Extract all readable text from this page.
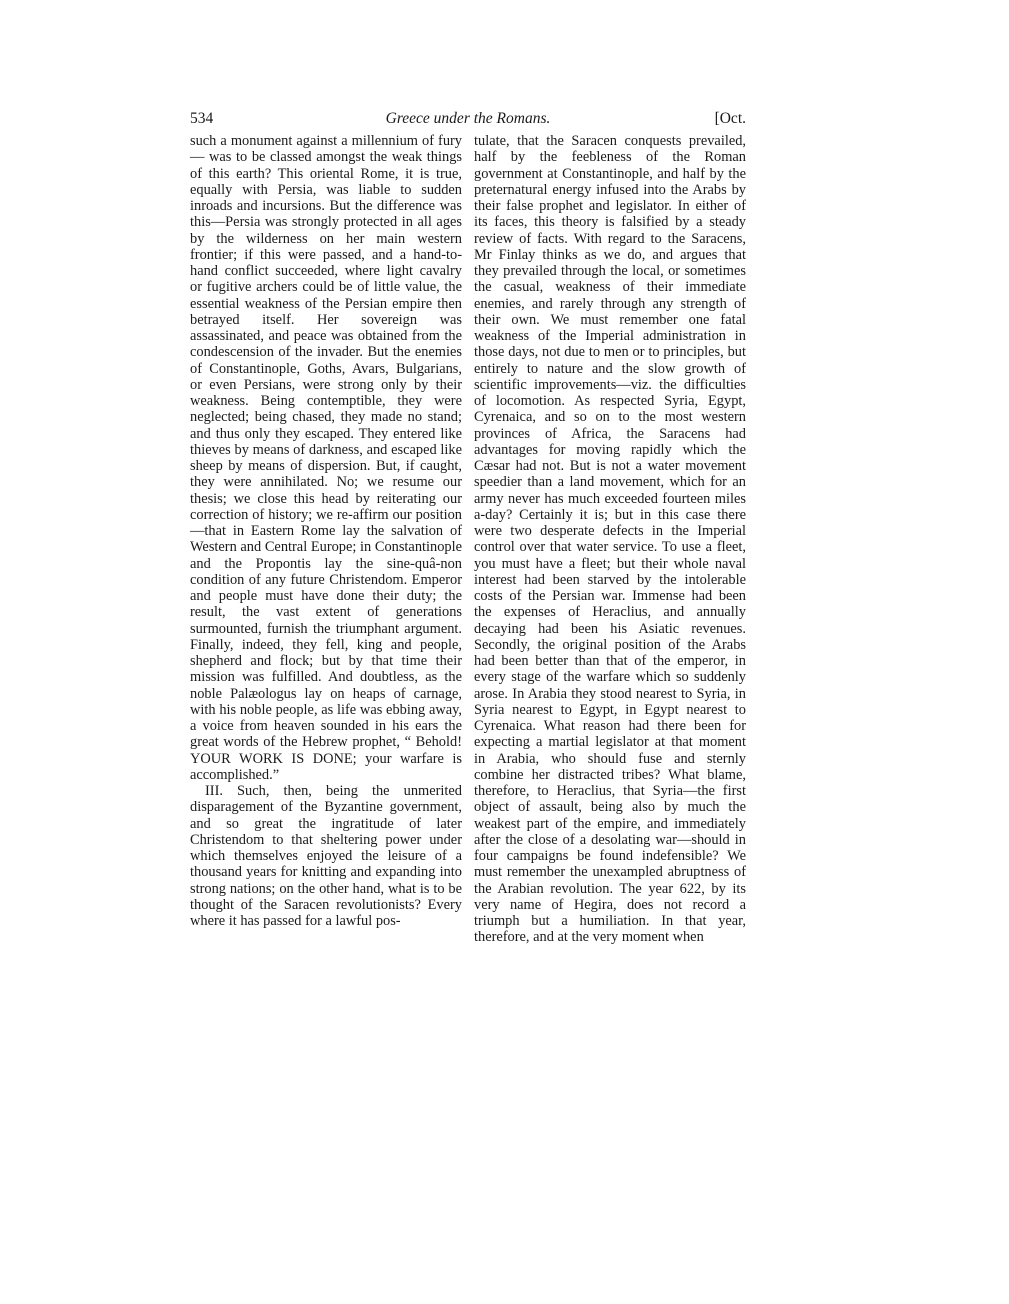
534	Greece under the Romans.	[Oct.

such a monument against a millennium of fury — was to be classed amongst the weak things of this earth? This oriental Rome, it is true, equally with Persia, was liable to sudden inroads and incursions. But the difference was this—Persia was strongly protected in all ages by the wilderness on her main western frontier; if this were passed, and a hand-to-hand conflict succeeded, where light cavalry or fugitive archers could be of little value, the essential weakness of the Persian empire then betrayed itself. Her sovereign was assassinated, and peace was obtained from the condescension of the invader. But the enemies of Constantinople, Goths, Avars, Bulgarians, or even Persians, were strong only by their weakness. Being contemptible, they were neglected; being chased, they made no stand; and thus only they escaped. They entered like thieves by means of darkness, and escaped like sheep by means of dispersion. But, if caught, they were annihilated. No; we resume our thesis; we close this head by reiterating our correction of history; we re-affirm our position—that in Eastern Rome lay the salvation of Western and Central Europe; in Constantinople and the Propontis lay the sine-quâ-non condition of any future Christendom. Emperor and people must have done their duty; the result, the vast extent of generations surmounted, furnish the triumphant argument. Finally, indeed, they fell, king and people, shepherd and flock; but by that time their mission was fulfilled. And doubtless, as the noble Palæologus lay on heaps of carnage, with his noble people, as life was ebbing away, a voice from heaven sounded in his ears the great words of the Hebrew prophet, “ Behold! YOUR WORK IS DONE; your warfare is accomplished.”

III. Such, then, being the unmerited disparagement of the Byzantine government, and so great the ingratitude of later Christendom to that sheltering power under which themselves enjoyed the leisure of a thousand years for knitting and expanding into strong nations; on the other hand, what is to be thought of the Saracen revolutionists? Every where it has passed for a lawful pos-

tulate, that the Saracen conquests prevailed, half by the feebleness of the Roman government at Constantinople, and half by the preternatural energy infused into the Arabs by their false prophet and legislator. In either of its faces, this theory is falsified by a steady review of facts. With regard to the Saracens, Mr Finlay thinks as we do, and argues that they prevailed through the local, or sometimes the casual, weakness of their immediate enemies, and rarely through any strength of their own. We must remember one fatal weakness of the Imperial administration in those days, not due to men or to principles, but entirely to nature and the slow growth of scientific improvements—viz. the difficulties of locomotion. As respected Syria, Egypt, Cyrenaica, and so on to the most western provinces of Africa, the Saracens had advantages for moving rapidly which the Cæsar had not. But is not a water movement speedier than a land movement, which for an army never has much exceeded fourteen miles a-day? Certainly it is; but in this case there were two desperate defects in the Imperial control over that water service. To use a fleet, you must have a fleet; but their whole naval interest had been starved by the intolerable costs of the Persian war. Immense had been the expenses of Heraclius, and annually decaying had been his Asiatic revenues. Secondly, the original position of the Arabs had been better than that of the emperor, in every stage of the warfare which so suddenly arose. In Arabia they stood nearest to Syria, in Syria nearest to Egypt, in Egypt nearest to Cyrenaica. What reason had there been for expecting a martial legislator at that moment in Arabia, who should fuse and sternly combine her distracted tribes? What blame, therefore, to Heraclius, that Syria—the first object of assault, being also by much the weakest part of the empire, and immediately after the close of a desolating war—should in four campaigns be found indefensible? We must remember the unexampled abruptness of the Arabian revolution. The year 622, by its very name of Hegira, does not record a triumph but a humiliation. In that year, therefore, and at the very moment when
